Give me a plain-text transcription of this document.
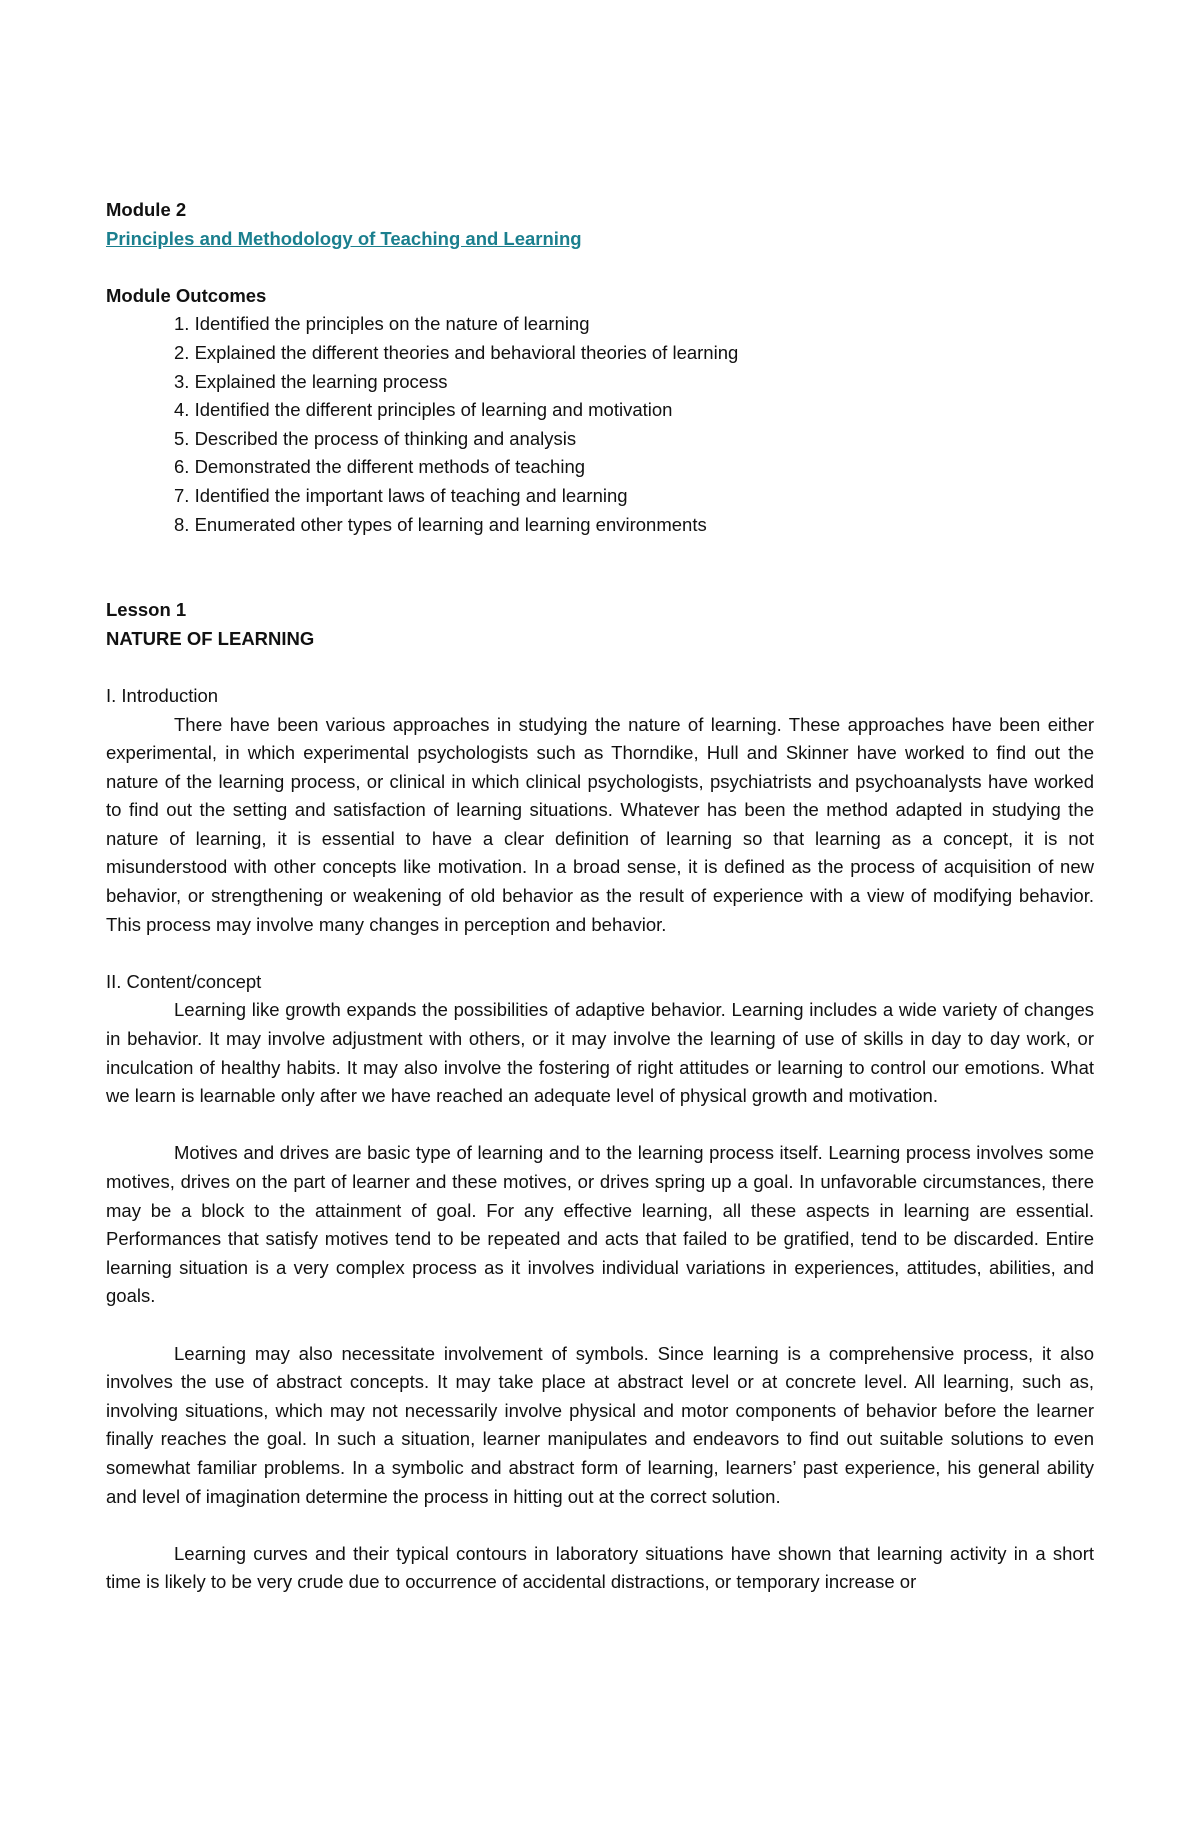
Module 2
Principles and Methodology of Teaching and Learning
Module Outcomes
1. Identified the principles on the nature of learning
2. Explained the different theories and behavioral theories of learning
3. Explained the learning process
4. Identified the different principles of learning and motivation
5. Described the process of thinking and analysis
6. Demonstrated the different methods of teaching
7. Identified the important laws of teaching and learning
8. Enumerated other types of learning and learning environments
Lesson 1
NATURE OF LEARNING
I. Introduction

There have been various approaches in studying the nature of learning. These approaches have been either experimental, in which experimental psychologists such as Thorndike, Hull and Skinner have worked to find out the nature of the learning process, or clinical in which clinical psychologists, psychiatrists and psychoanalysts have worked to find out the setting and satisfaction of learning situations. Whatever has been the method adapted in studying the nature of learning, it is essential to have a clear definition of learning so that learning as a concept, it is not misunderstood with other concepts like motivation. In a broad sense, it is defined as the process of acquisition of new behavior, or strengthening or weakening of old behavior as the result of experience with a view of modifying behavior. This process may involve many changes in perception and behavior.

II. Content/concept

Learning like growth expands the possibilities of adaptive behavior. Learning includes a wide variety of changes in behavior. It may involve adjustment with others, or it may involve the learning of use of skills in day to day work, or inculcation of healthy habits. It may also involve the fostering of right attitudes or learning to control our emotions. What we learn is learnable only after we have reached an adequate level of physical growth and motivation.

Motives and drives are basic type of learning and to the learning process itself. Learning process involves some motives, drives on the part of learner and these motives, or drives spring up a goal. In unfavorable circumstances, there may be a block to the attainment of goal. For any effective learning, all these aspects in learning are essential. Performances that satisfy motives tend to be repeated and acts that failed to be gratified, tend to be discarded. Entire learning situation is a very complex process as it involves individual variations in experiences, attitudes, abilities, and goals.

Learning may also necessitate involvement of symbols. Since learning is a comprehensive process, it also involves the use of abstract concepts. It may take place at abstract level or at concrete level. All learning, such as, involving situations, which may not necessarily involve physical and motor components of behavior before the learner finally reaches the goal. In such a situation, learner manipulates and endeavors to find out suitable solutions to even somewhat familiar problems. In a symbolic and abstract form of learning, learners’ past experience, his general ability and level of imagination determine the process in hitting out at the correct solution.

Learning curves and their typical contours in laboratory situations have shown that learning activity in a short time is likely to be very crude due to occurrence of accidental distractions, or temporary increase or
